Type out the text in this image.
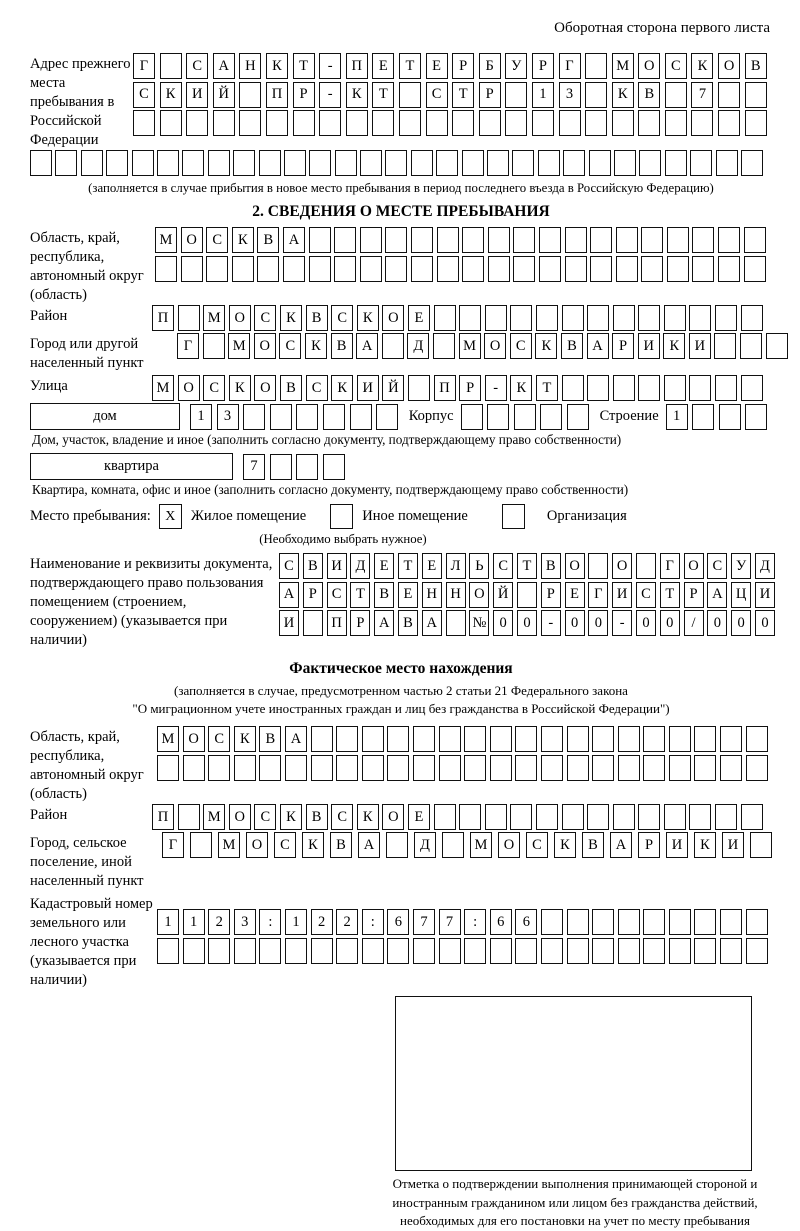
Оборотная сторона первого листа
Адрес прежнего места пребывания в Российской Федерации
Г	С	А	Н	К	Т	-	П	Е	Т	Е	Р	Б	У	Р	Г	М	О	С	К	О	В
С	К	И	Й	П	Р	-	К	Т	С	Т	Р	1	3	К	В	7
(заполняется в случае прибытия в новое место пребывания в период последнего въезда в Российскую Федерацию)
2. СВЕДЕНИЯ О МЕСТЕ ПРЕБЫВАНИЯ
Область, край, республика, автономный округ (область)
М О	С	К	В	А
Район	П	М О	С	К	В	С	К	О	Е
Город или другой населенный пункт
Г	М О	С	К	В	А	Д	М О	С	К	В	А	Р	И	К	И
Улица	М О	С	К	О	В	С	К	И	Й	П	Р	-	К	Т
дом	1	3	Корпус	Строение 1
Дом, участок, владение и иное (заполнить согласно документу, подтверждающему право собственности)
квартира	7
Квартира, комната, офис и иное (заполнить согласно документу, подтверждающему право собственности)
Место пребывания:	X	Жилое помещение	Иное помещение	Организация
(Необходимо выбрать нужное)
Наименование и реквизиты документа, подтверждающего право пользования помещением (строением, сооружением) (указывается при наличии)
С В И Д Е	Т	Е Л	Ь	С	Т	В О	О	Г О С У Д
А	Р	С	Т	В	Е Н Н О Й	Р	Е	Г И С	Т	Р	А Ц И
И	П	Р	А В А	№ 0	0	-	0	0	-	0	0	/	0	0	0
Фактическое место нахождения
(заполняется в случае, предусмотренном частью 2 статьи 21 Федерального закона
"О миграционном учете иностранных граждан и лиц без гражданства в Российской Федерации")
Область, край, республика, автономный округ (область)
М О	С	К	В	А
Район	П	М О	С	К	В	С	К	О	Е
Город, сельское поселение, иной населенный пункт
Г	М	О	С	К	В	А	Д	М	О	С	К	В	А	Р	И	К	И
Кадастровый номер земельного или лесного участка (указывается при наличии)
1	1	2	3	:	1	2	2	:	6	7	7	:	6	6
Отметка о подтверждении выполнения принимающей стороной и иностранным гражданином или лицом без гражданства действий, необходимых для его постановки на учет по месту пребывания
